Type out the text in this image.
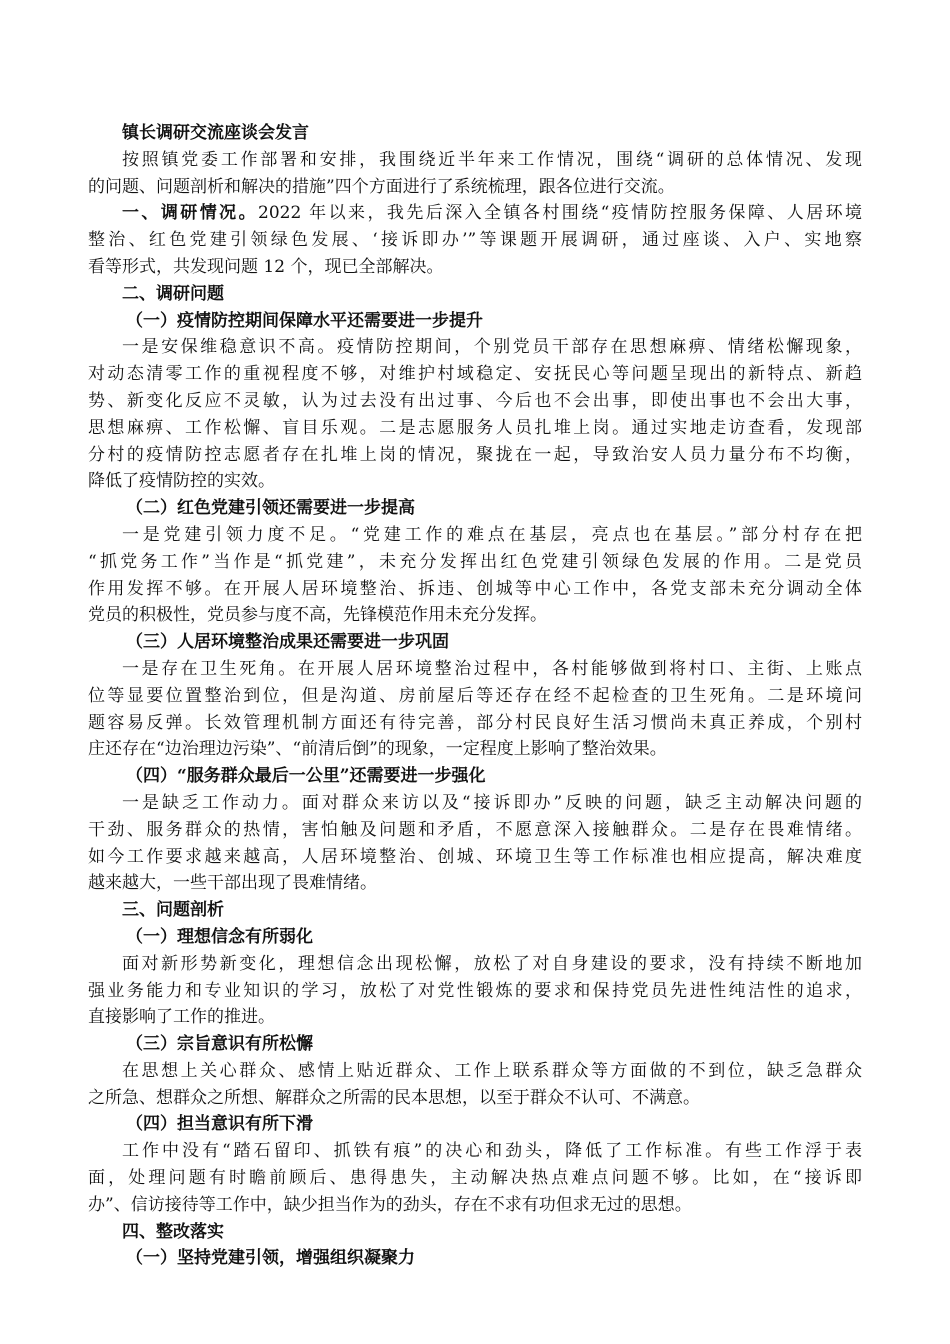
镇长调研交流座谈会发言
按照镇党委工作部署和安排，我围绕近半年来工作情况，围绕“调研的总体情况、发现
的问题、问题剖析和解决的措施”四个方面进行了系统梳理，跟各位进行交流。
一、调研情况。2022 年以来，我先后深入全镇各村围绕“疫情防控服务保障、人居环境
整治、红色党建引领绿色发展、‘接诉即办’”等课题开展调研，通过座谈、入户、实地察
看等形式，共发现问题 12 个，现已全部解决。
二、调研问题
（一）疫情防控期间保障水平还需要进一步提升
一是安保维稳意识不高。疫情防控期间，个别党员干部存在思想麻痹、情绪松懈现象，
对动态清零工作的重视程度不够，对维护村域稳定、安抚民心等问题呈现出的新特点、新趋
势、新变化反应不灵敏，认为过去没有出过事、今后也不会出事，即使出事也不会出大事，
思想麻痹、工作松懈、盲目乐观。二是志愿服务人员扎堆上岗。通过实地走访查看，发现部
分村的疫情防控志愿者存在扎堆上岗的情况，聚拢在一起，导致治安人员力量分布不均衡，
降低了疫情防控的实效。
（二）红色党建引领还需要进一步提高
一是党建引领力度不足。“党建工作的难点在基层，亮点也在基层。”部分村存在把
“抓党务工作”当作是“抓党建”，未充分发挥出红色党建引领绿色发展的作用。二是党员
作用发挥不够。在开展人居环境整治、拆违、创城等中心工作中，各党支部未充分调动全体
党员的积极性，党员参与度不高，先锋模范作用未充分发挥。
（三）人居环境整治成果还需要进一步巩固
一是存在卫生死角。在开展人居环境整治过程中，各村能够做到将村口、主街、上账点
位等显要位置整治到位，但是沟道、房前屋后等还存在经不起检查的卫生死角。二是环境问
题容易反弹。长效管理机制方面还有待完善，部分村民良好生活习惯尚未真正养成，个别村
庄还存在“边治理边污染”、“前清后倒”的现象，一定程度上影响了整治效果。
（四）“服务群众最后一公里”还需要进一步强化
一是缺乏工作动力。面对群众来访以及“接诉即办”反映的问题，缺乏主动解决问题的
干劲、服务群众的热情，害怕触及问题和矛盾，不愿意深入接触群众。二是存在畏难情绪。
如今工作要求越来越高，人居环境整治、创城、环境卫生等工作标准也相应提高，解决难度
越来越大，一些干部出现了畏难情绪。
三、问题剖析
（一）理想信念有所弱化
面对新形势新变化，理想信念出现松懈，放松了对自身建设的要求，没有持续不断地加
强业务能力和专业知识的学习，放松了对党性锻炼的要求和保持党员先进性纯洁性的追求，
直接影响了工作的推进。
（三）宗旨意识有所松懈
在思想上关心群众、感情上贴近群众、工作上联系群众等方面做的不到位，缺乏急群众
之所急、想群众之所想、解群众之所需的民本思想，以至于群众不认可、不满意。
（四）担当意识有所下滑
工作中没有“踏石留印、抓铁有痕”的决心和劲头，降低了工作标准。有些工作浮于表
面，处理问题有时瞻前顾后、患得患失，主动解决热点难点问题不够。比如，在“接诉即
办”、信访接待等工作中，缺少担当作为的劲头，存在不求有功但求无过的思想。
四、整改落实
（一）坚持党建引领，增强组织凝聚力
